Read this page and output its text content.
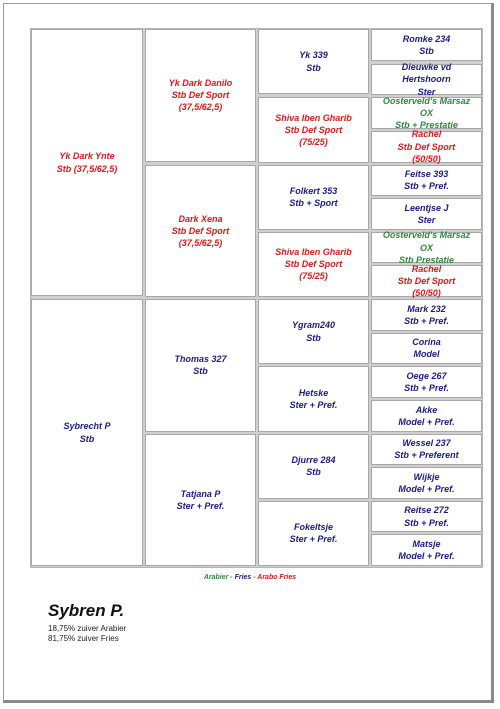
Yk Dark Ynte
Stb (37,5/62,5)
Yk Dark Danilo
Stb Def Sport
(37,5/62,5)
Yk 339
Stb
Romke 234
Stb
Dieuwke vd
Hertshoorn
Ster
Shiva Iben Gharib
Stb Def Sport
(75/25)
Oosterveld's Marsaz
OX
Stb + Prestatie
Rachel
Stb Def Sport
(50/50)
Dark Xena
Stb Def Sport
(37,5/62,5)
Folkert 353
Stb + Sport
Feitse 393
Stb + Pref.
Leentjse J
Ster
Shiva Iben Gharib
Stb Def Sport
(75/25)
Oosterveld's Marsaz
OX
Stb Prestatie
Rachel
Stb Def Sport
(50/50)
Sybrecht P
Stb
Thomas 327
Stb
Ygram240
Stb
Mark 232
Stb + Pref.
Corina
Model
Hetske
Ster + Pref.
Oege 267
Stb + Pref.
Akke
Model + Pref.
Tatjana P
Ster + Pref.
Djurre 284
Stb
Wessel 237
Stb + Preferent
Wijkje
Model + Pref.
Fokeltsje
Ster + Pref.
Reitse 272
Stb + Pref.
Matsje
Model + Pref.
Arabier - Fries - Arabo Fries
Sybren P.
18,75% zuiver Arabier
81,75% zuiver Fries
